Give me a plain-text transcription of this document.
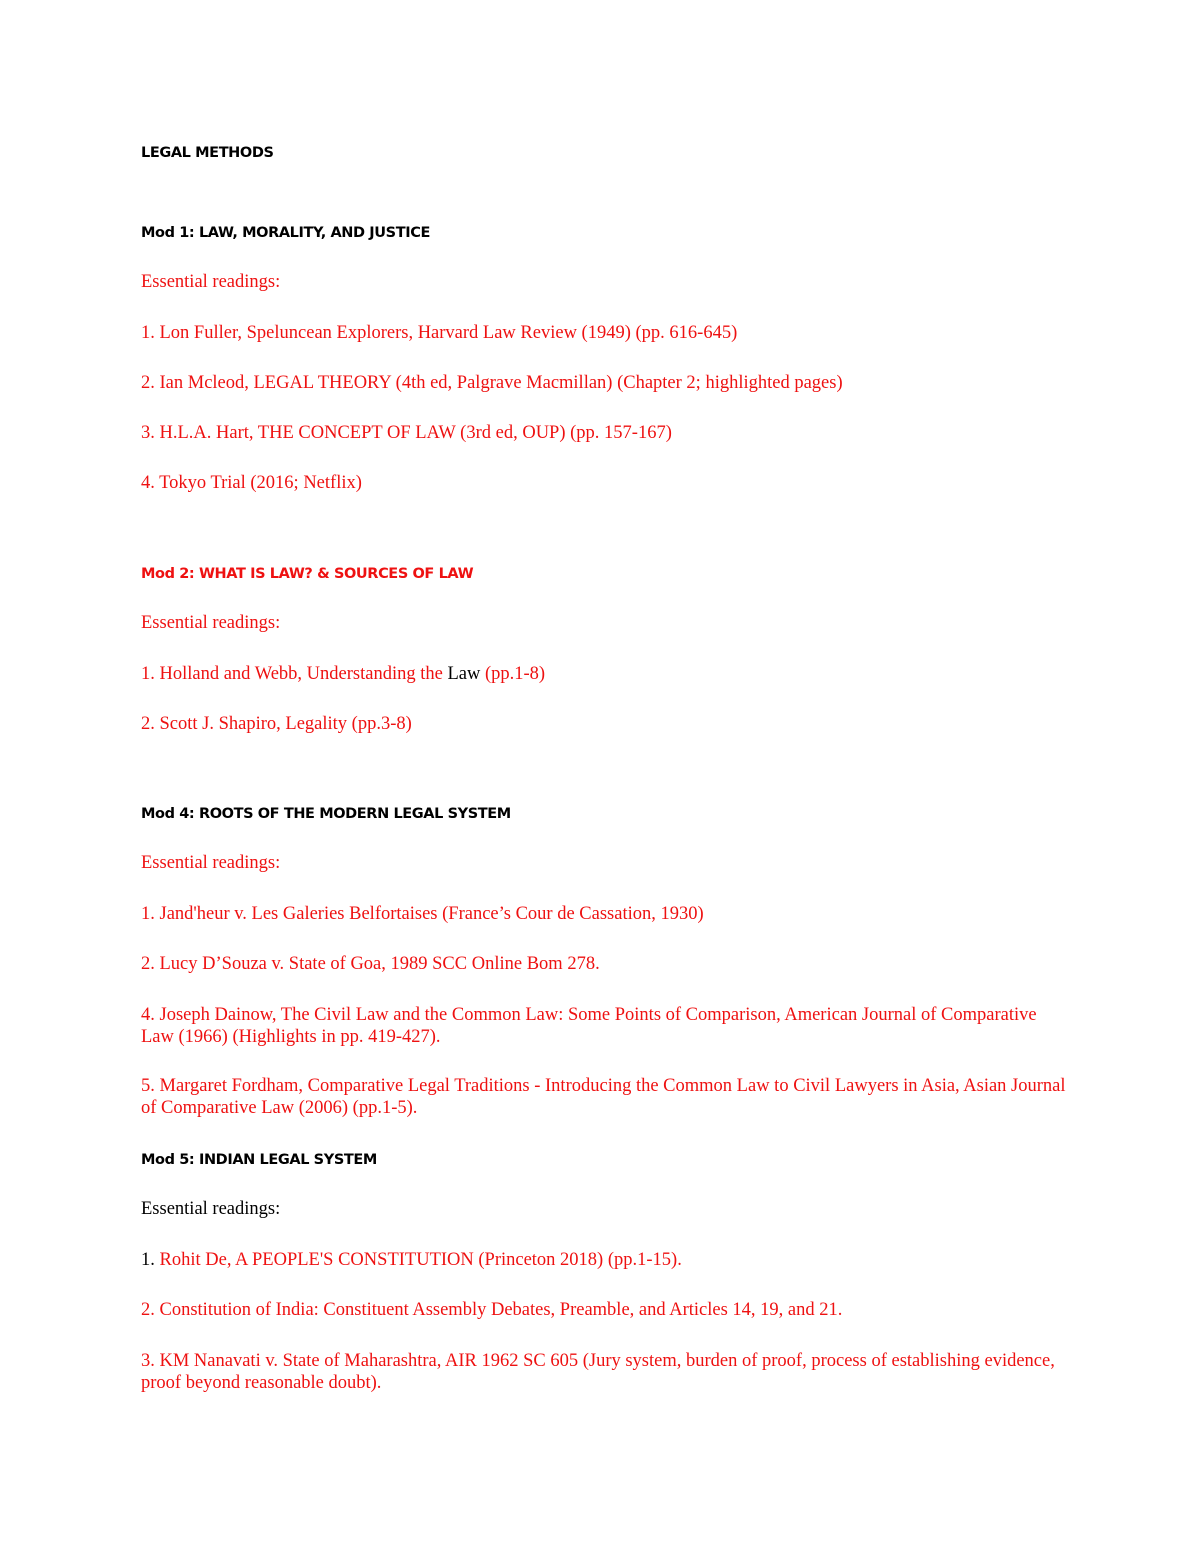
LEGAL METHODS

Mod 1: LAW, MORALITY, AND JUSTICE

Essential readings:

1. Lon Fuller, Speluncean Explorers, Harvard Law Review (1949) (pp. 616-645)

2. Ian Mcleod, LEGAL THEORY (4th ed, Palgrave Macmillan) (Chapter 2; highlighted pages)

3. H.L.A. Hart, THE CONCEPT OF LAW (3rd ed, OUP) (pp. 157-167)

4. Tokyo Trial (2016; Netflix)

Mod 2: WHAT IS LAW? & SOURCES OF LAW

Essential readings:

1. Holland and Webb, Understanding the Law (pp.1-8)

2. Scott J. Shapiro, Legality (pp.3-8)

Mod 4: ROOTS OF THE MODERN LEGAL SYSTEM

Essential readings:

1. Jand'heur v. Les Galeries Belfortaises (France’s Cour de Cassation, 1930)

2. Lucy D’Souza v. State of Goa, 1989 SCC Online Bom 278.

4. Joseph Dainow, The Civil Law and the Common Law: Some Points of Comparison, American Journal of Comparative Law (1966) (Highlights in pp. 419-427).

5. Margaret Fordham, Comparative Legal Traditions - Introducing the Common Law to Civil Lawyers in Asia, Asian Journal of Comparative Law (2006) (pp.1-5).

Mod 5: INDIAN LEGAL SYSTEM

Essential readings:

1. Rohit De, A PEOPLE'S CONSTITUTION (Princeton 2018) (pp.1-15).

2. Constitution of India: Constituent Assembly Debates, Preamble, and Articles 14, 19, and 21.

3. KM Nanavati v. State of Maharashtra, AIR 1962 SC 605 (Jury system, burden of proof, process of establishing evidence, proof beyond reasonable doubt).
